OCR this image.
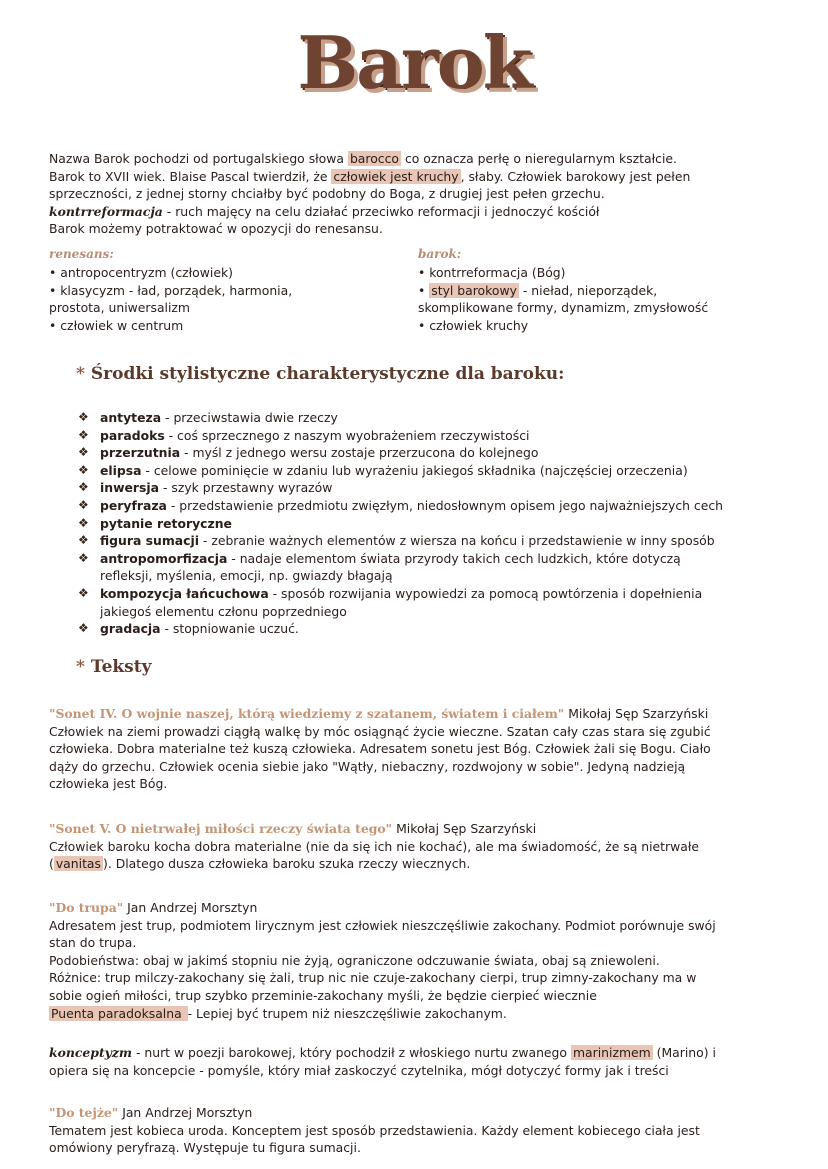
Barok

Nazwa Barok pochodzi od portugalskiego słowa barocco co oznacza perłę o nieregularnym kształcie.

Barok to XVII wiek. Blaise Pascal twierdził, że człowiek jest kruchy , słaby. Człowiek barokowy jest pełen

sprzeczności, z jednej storny chciałby być podobny do Boga, z drugiej jest pełen grzechu.

kontrreformacja - ruch majęcy na celu działać przeciwko reformacji i jednoczyć kościół

Barok możemy potraktować w opozycji do renesansu.

renesans:

• antropocentryzm (człowiek)

• klasycyzm - ład, porządek, harmonia,

prostota, uniwersalizm

• człowiek w centrum

barok:

• kontrreformacja (Bóg)

• styl barokowy - nieład, nieporządek,

skomplikowane formy, dynamizm, zmysłowość

• człowiek kruchy

* Środki stylistyczne charakterystyczne dla baroku:
❖ antyteza - przeciwstawia dwie rzeczy
❖ paradoks - coś sprzecznego z naszym wyobrażeniem rzeczywistości
❖ przerzutnia - myśl z jednego wersu zostaje przerzucona do kolejnego
❖ elipsa - celowe pominięcie w zdaniu lub wyrażeniu jakiegoś składnika (najczęściej orzeczenia)
❖ inwersja - szyk przestawny wyrazów
❖ peryfraza - przedstawienie przedmiotu zwięzłym, niedosłownym opisem jego najważniejszych cech
❖ pytanie retoryczne
❖ figura sumacji - zebranie ważnych elementów z wiersza na końcu i przedstawienie w inny sposób
❖ antropomorfizacja - nadaje elementom świata przyrody takich cech ludzkich, które dotyczą
refleksji, myślenia, emocji, np. gwiazdy błagają
❖ kompozycja łańcuchowa - sposób rozwijania wypowiedzi za pomocą powtórzenia i dopełnienia
jakiegoś elementu członu poprzedniego
❖ gradacja - stopniowanie uczuć.
* Teksty

"Sonet IV. O wojnie naszej, którą wiedziemy z szatanem, światem i ciałem" Mikołaj Sęp Szarzyński

Człowiek na ziemi prowadzi ciągłą walkę by móc osiągnąć życie wieczne. Szatan cały czas stara się zgubić

człowieka. Dobra materialne też kuszą człowieka. Adresatem sonetu jest Bóg. Człowiek żali się Bogu. Ciało

dąży do grzechu. Człowiek ocenia siebie jako "Wątły, niebaczny, rozdwojony w sobie". Jedyną nadzieją

człowieka jest Bóg.

"Sonet V. O nietrwałej miłości rzeczy świata tego" Mikołaj Sęp Szarzyński

Człowiek baroku kocha dobra materialne (nie da się ich nie kochać), ale ma świadomość, że są nietrwałe

( vanitas ). Dlatego dusza człowieka baroku szuka rzeczy wiecznych.

"Do trupa" Jan Andrzej Morsztyn

Adresatem jest trup, podmiotem lirycznym jest człowiek nieszczęśliwie zakochany. Podmiot porównuje swój

stan do trupa.

Podobieństwa: obaj w jakimś stopniu nie żyją, ograniczone odczuwanie świata, obaj są zniewoleni.

Różnice: trup milczy-zakochany się żali, trup nic nie czuje-zakochany cierpi, trup zimny-zakochany ma w

sobie ogień miłości, trup szybko przeminie-zakochany myśli, że będzie cierpieć wiecznie

Puenta paradoksalna - Lepiej być trupem niż nieszczęśliwie zakochanym.

konceptyzm - nurt w poezji barokowej, który pochodził z włoskiego nurtu zwanego marinizmem (Marino) i

opiera się na koncepcie - pomyśle, który miał zaskoczyć czytelnika, mógł dotyczyć formy jak i treści

"Do tejże" Jan Andrzej Morsztyn

Tematem jest kobieca uroda. Konceptem jest sposób przedstawienia. Każdy element kobiecego ciała jest

omówiony peryfrazą. Występuje tu figura sumacji.
